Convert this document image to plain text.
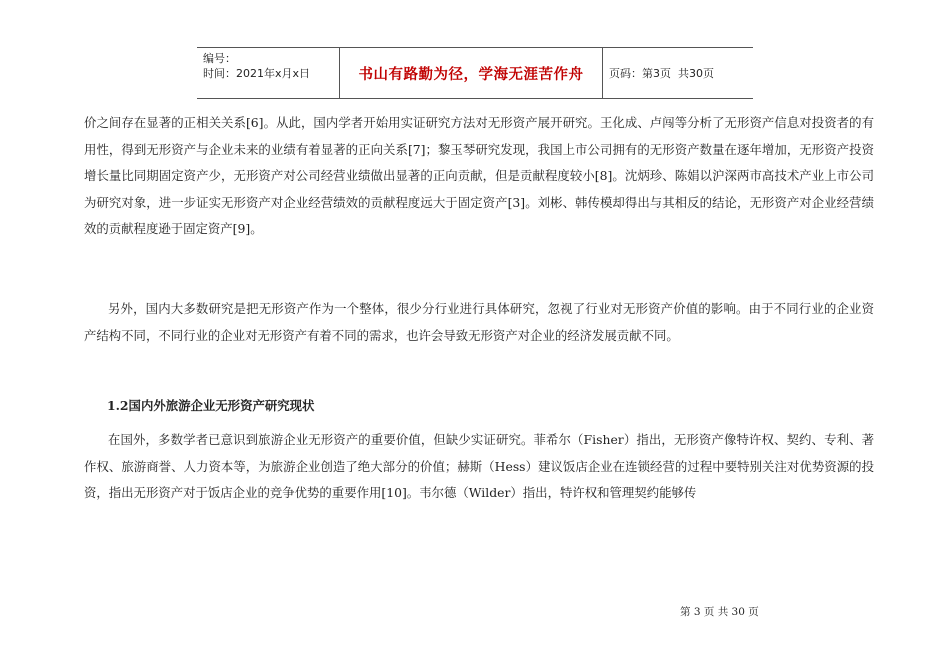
编号：
时间：2021年x月x日	书山有路勤为径，学海无涯苦作舟	页码：第3页  共30页

价之间存在显著的正相关关系[6]。从此，国内学者开始用实证研究方法对无形资产展开研究。王化成、卢闯等分析了无形资产信息对投资者的有用性，得到无形资产与企业未来的业绩有着显著的正向关系[7]；黎玉琴研究发现，我国上市公司拥有的无形资产数量在逐年增加，无形资产投资增长量比同期固定资产少，无形资产对公司经营业绩做出显著的正向贡献，但是贡献程度较小[8]。沈炳珍、陈娟以沪深两市高技术产业上市公司为研究对象，进一步证实无形资产对企业经营绩效的贡献程度远大于固定资产[3]。刘彬、韩传模却得出与其相反的结论，无形资产对企业经营绩效的贡献程度逊于固定资产[9]。

另外，国内大多数研究是把无形资产作为一个整体，很少分行业进行具体研究，忽视了行业对无形资产价值的影响。由于不同行业的企业资产结构不同，不同行业的企业对无形资产有着不同的需求，也许会导致无形资产对企业的经济发展贡献不同。

1.2国内外旅游企业无形资产研究现状

在国外，多数学者已意识到旅游企业无形资产的重要价值，但缺少实证研究。菲希尔（Fisher）指出，无形资产像特许权、契约、专利、著作权、旅游商誉、人力资本等，为旅游企业创造了绝大部分的价值；赫斯（Hess）建议饭店企业在连锁经营的过程中要特别关注对优势资源的投资，指出无形资产对于饭店企业的竞争优势的重要作用[10]。韦尔德（Wilder）指出，特许权和管理契约能够传

第 3 页 共 30 页
